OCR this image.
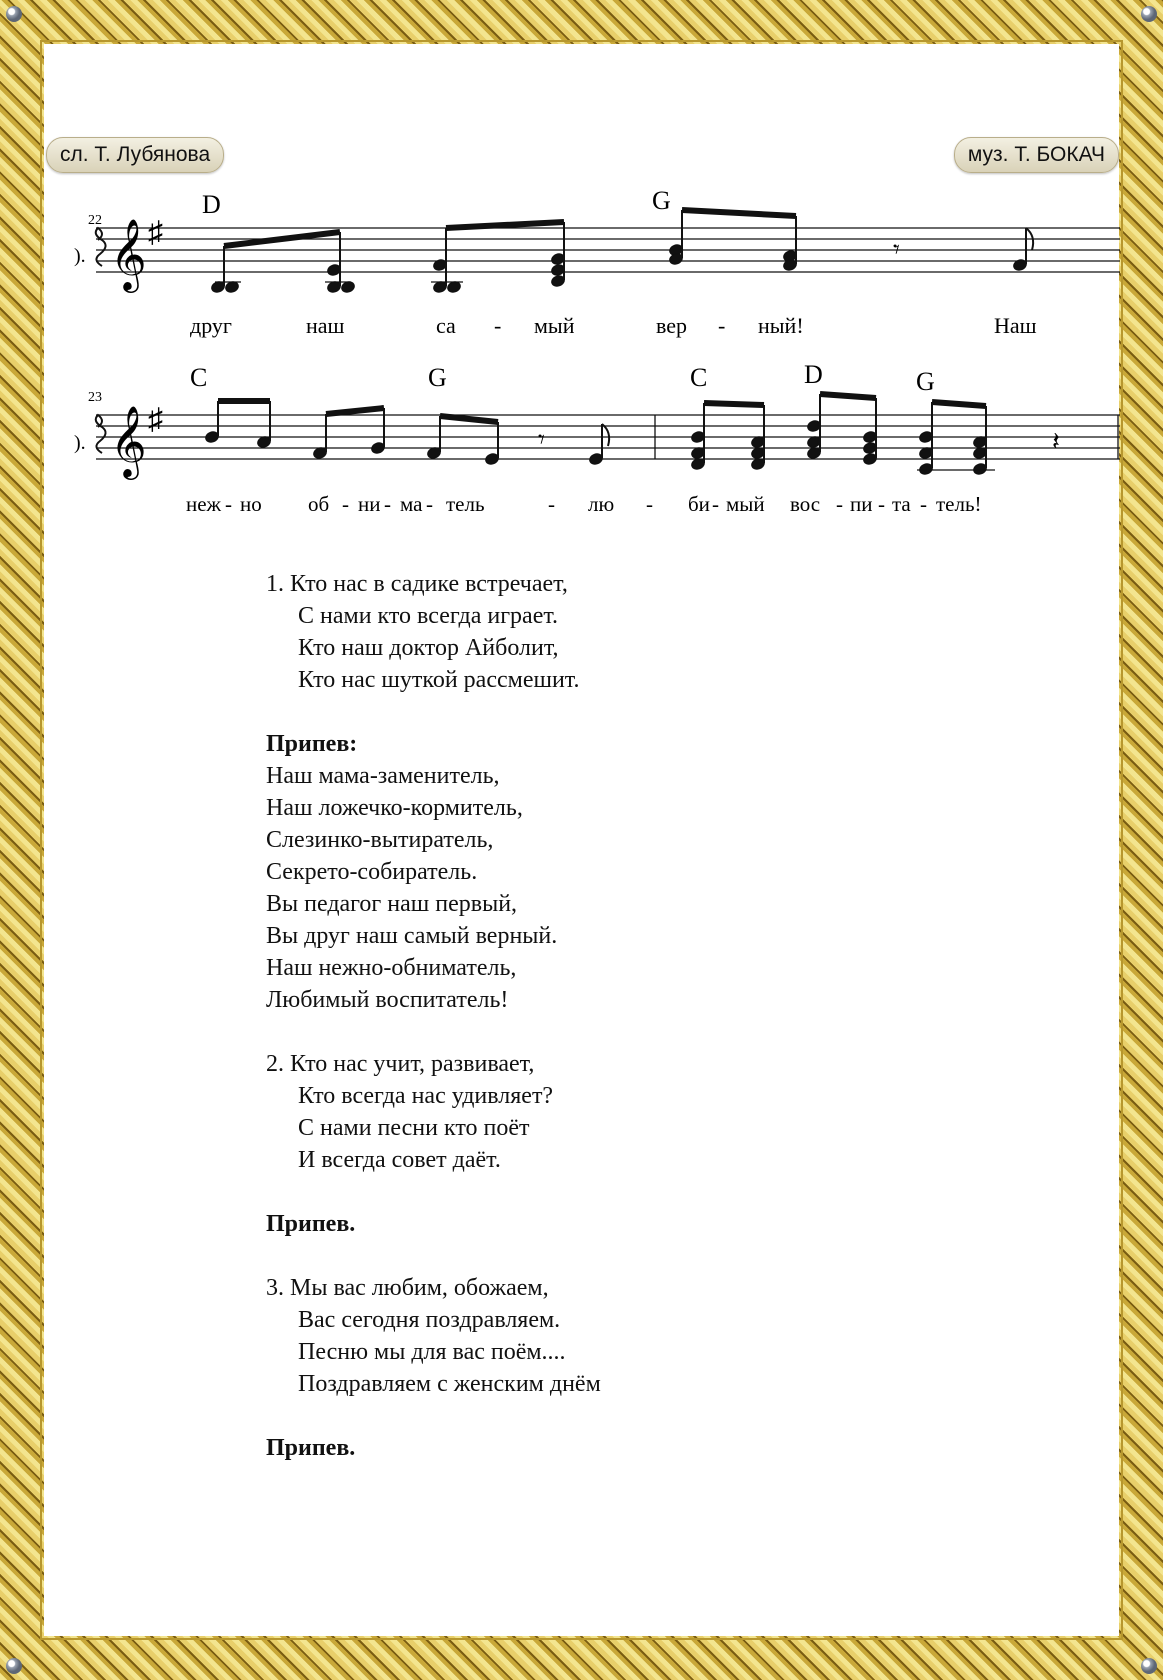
сл. Т. Лубянова	муз. Т. БОКАЧ
22
). 𝄞 ♯
D	G
𝄾
друг	наш	са - мый	вер - ный!	Наш
23
). 𝄞 ♯
C	G	C	D	G
𝄾	𝄽
неж - но об - ни - ма - тель	- лю - би - мый вос - пи - та - тель!
1. Кто нас в садике встречает,
С нами кто всегда играет.
Кто наш доктор Айболит,
Кто нас шуткой рассмешит.
Припев:
Наш мама-заменитель,
Наш ложечко-кормитель,
Слезинко-вытиратель,
Секрето-собиратель.
Вы педагог наш первый,
Вы друг наш самый верный.
Наш нежно-обниматель,
Любимый воспитатель!
2. Кто нас учит, развивает,
Кто всегда нас удивляет?
С нами песни кто поёт
И всегда совет даёт.
Припев.
3. Мы вас любим, обожаем,
Вас сегодня поздравляем.
Песню мы для вас поём....
Поздравляем с женским днём
Припев.
